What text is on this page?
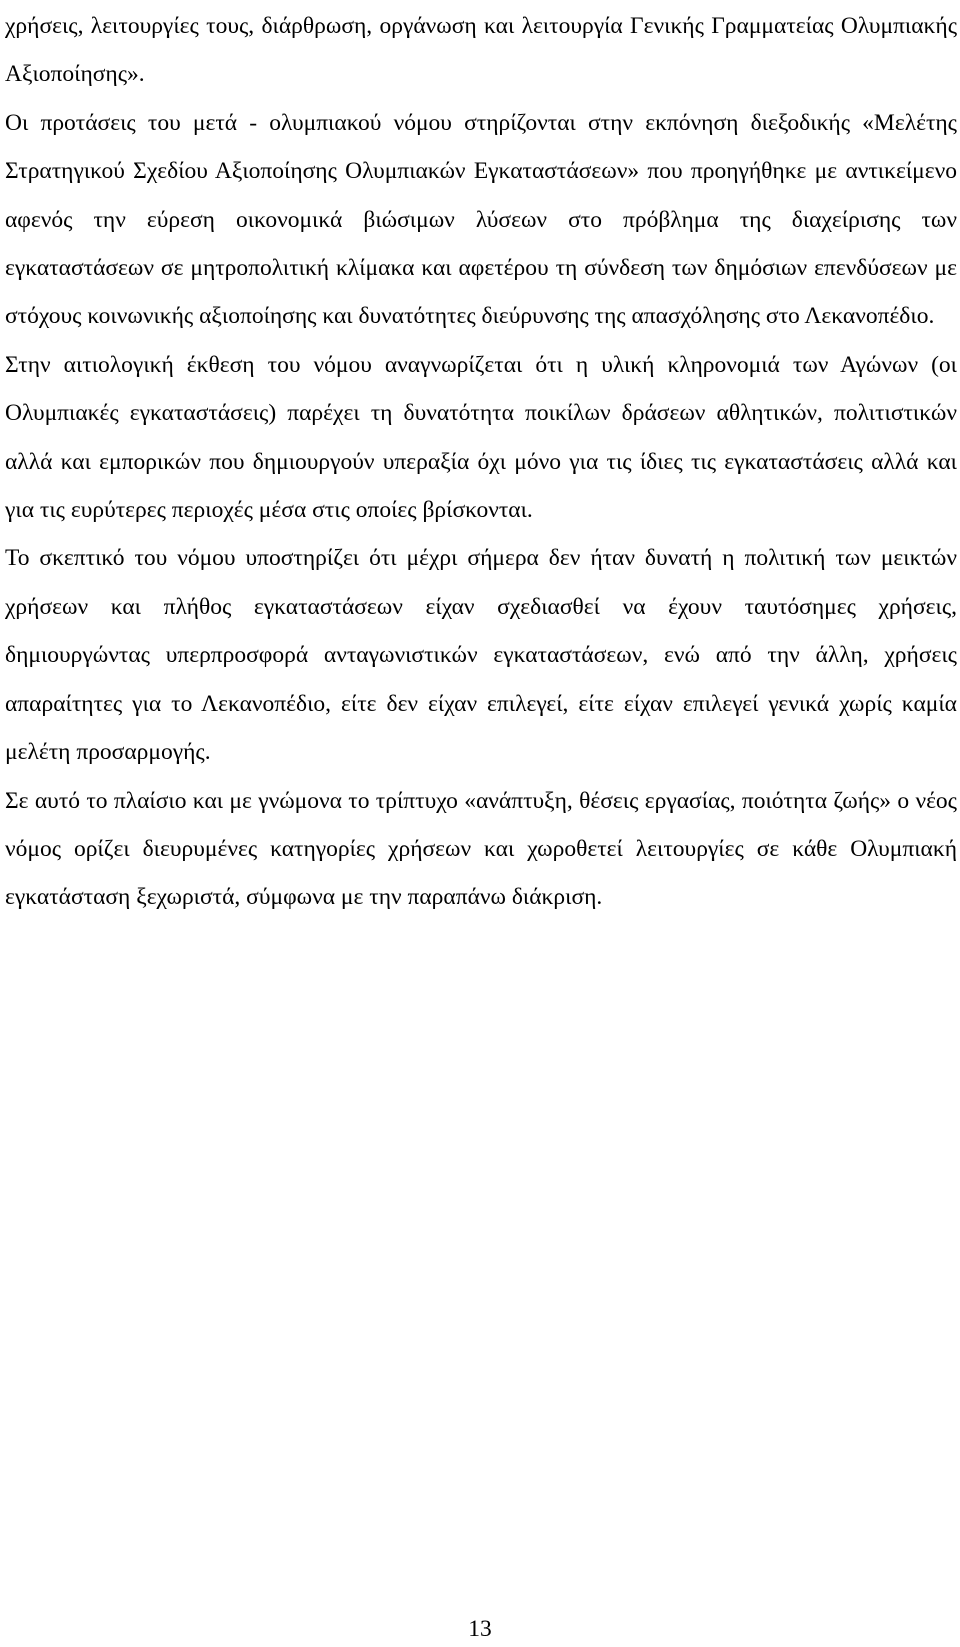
χρήσεις, λειτουργίες τους, διάρθρωση, οργάνωση και λειτουργία Γενικής Γραμματείας Ολυμπιακής Αξιοποίησης».

Οι προτάσεις του μετά - ολυμπιακού νόμου στηρίζονται στην εκπόνηση διεξοδικής «Μελέτης Στρατηγικού Σχεδίου Αξιοποίησης Ολυμπιακών Εγκαταστάσεων» που προηγήθηκε με αντικείμενο αφενός την εύρεση οικονομικά βιώσιμων λύσεων στο πρόβλημα της διαχείρισης των εγκαταστάσεων σε μητροπολιτική κλίμακα και αφετέρου τη σύνδεση των δημόσιων επενδύσεων με στόχους κοινωνικής αξιοποίησης και δυνατότητες διεύρυνσης της απασχόλησης στο Λεκανοπέδιο.

Στην αιτιολογική έκθεση του νόμου αναγνωρίζεται ότι η υλική κληρονομιά των Αγώνων (οι Ολυμπιακές εγκαταστάσεις) παρέχει τη δυνατότητα ποικίλων δράσεων αθλητικών, πολιτιστικών αλλά και εμπορικών που δημιουργούν υπεραξία όχι μόνο για τις ίδιες τις εγκαταστάσεις αλλά και για τις ευρύτερες περιοχές μέσα στις οποίες βρίσκονται.

Το σκεπτικό του νόμου υποστηρίζει ότι μέχρι σήμερα δεν ήταν δυνατή η πολιτική των μεικτών χρήσεων και πλήθος εγκαταστάσεων είχαν σχεδιασθεί να έχουν ταυτόσημες χρήσεις, δημιουργώντας υπερπροσφορά ανταγωνιστικών εγκαταστάσεων, ενώ από την άλλη, χρήσεις απαραίτητες για το Λεκανοπέδιο, είτε δεν είχαν επιλεγεί, είτε είχαν επιλεγεί γενικά χωρίς καμία μελέτη προσαρμογής.

Σε αυτό το πλαίσιο και με γνώμονα το τρίπτυχο «ανάπτυξη, θέσεις εργασίας, ποιότητα ζωής» ο νέος νόμος ορίζει διευρυμένες κατηγορίες χρήσεων και χωροθετεί λειτουργίες σε κάθε Ολυμπιακή εγκατάσταση ξεχωριστά, σύμφωνα με την παραπάνω διάκριση.

13
